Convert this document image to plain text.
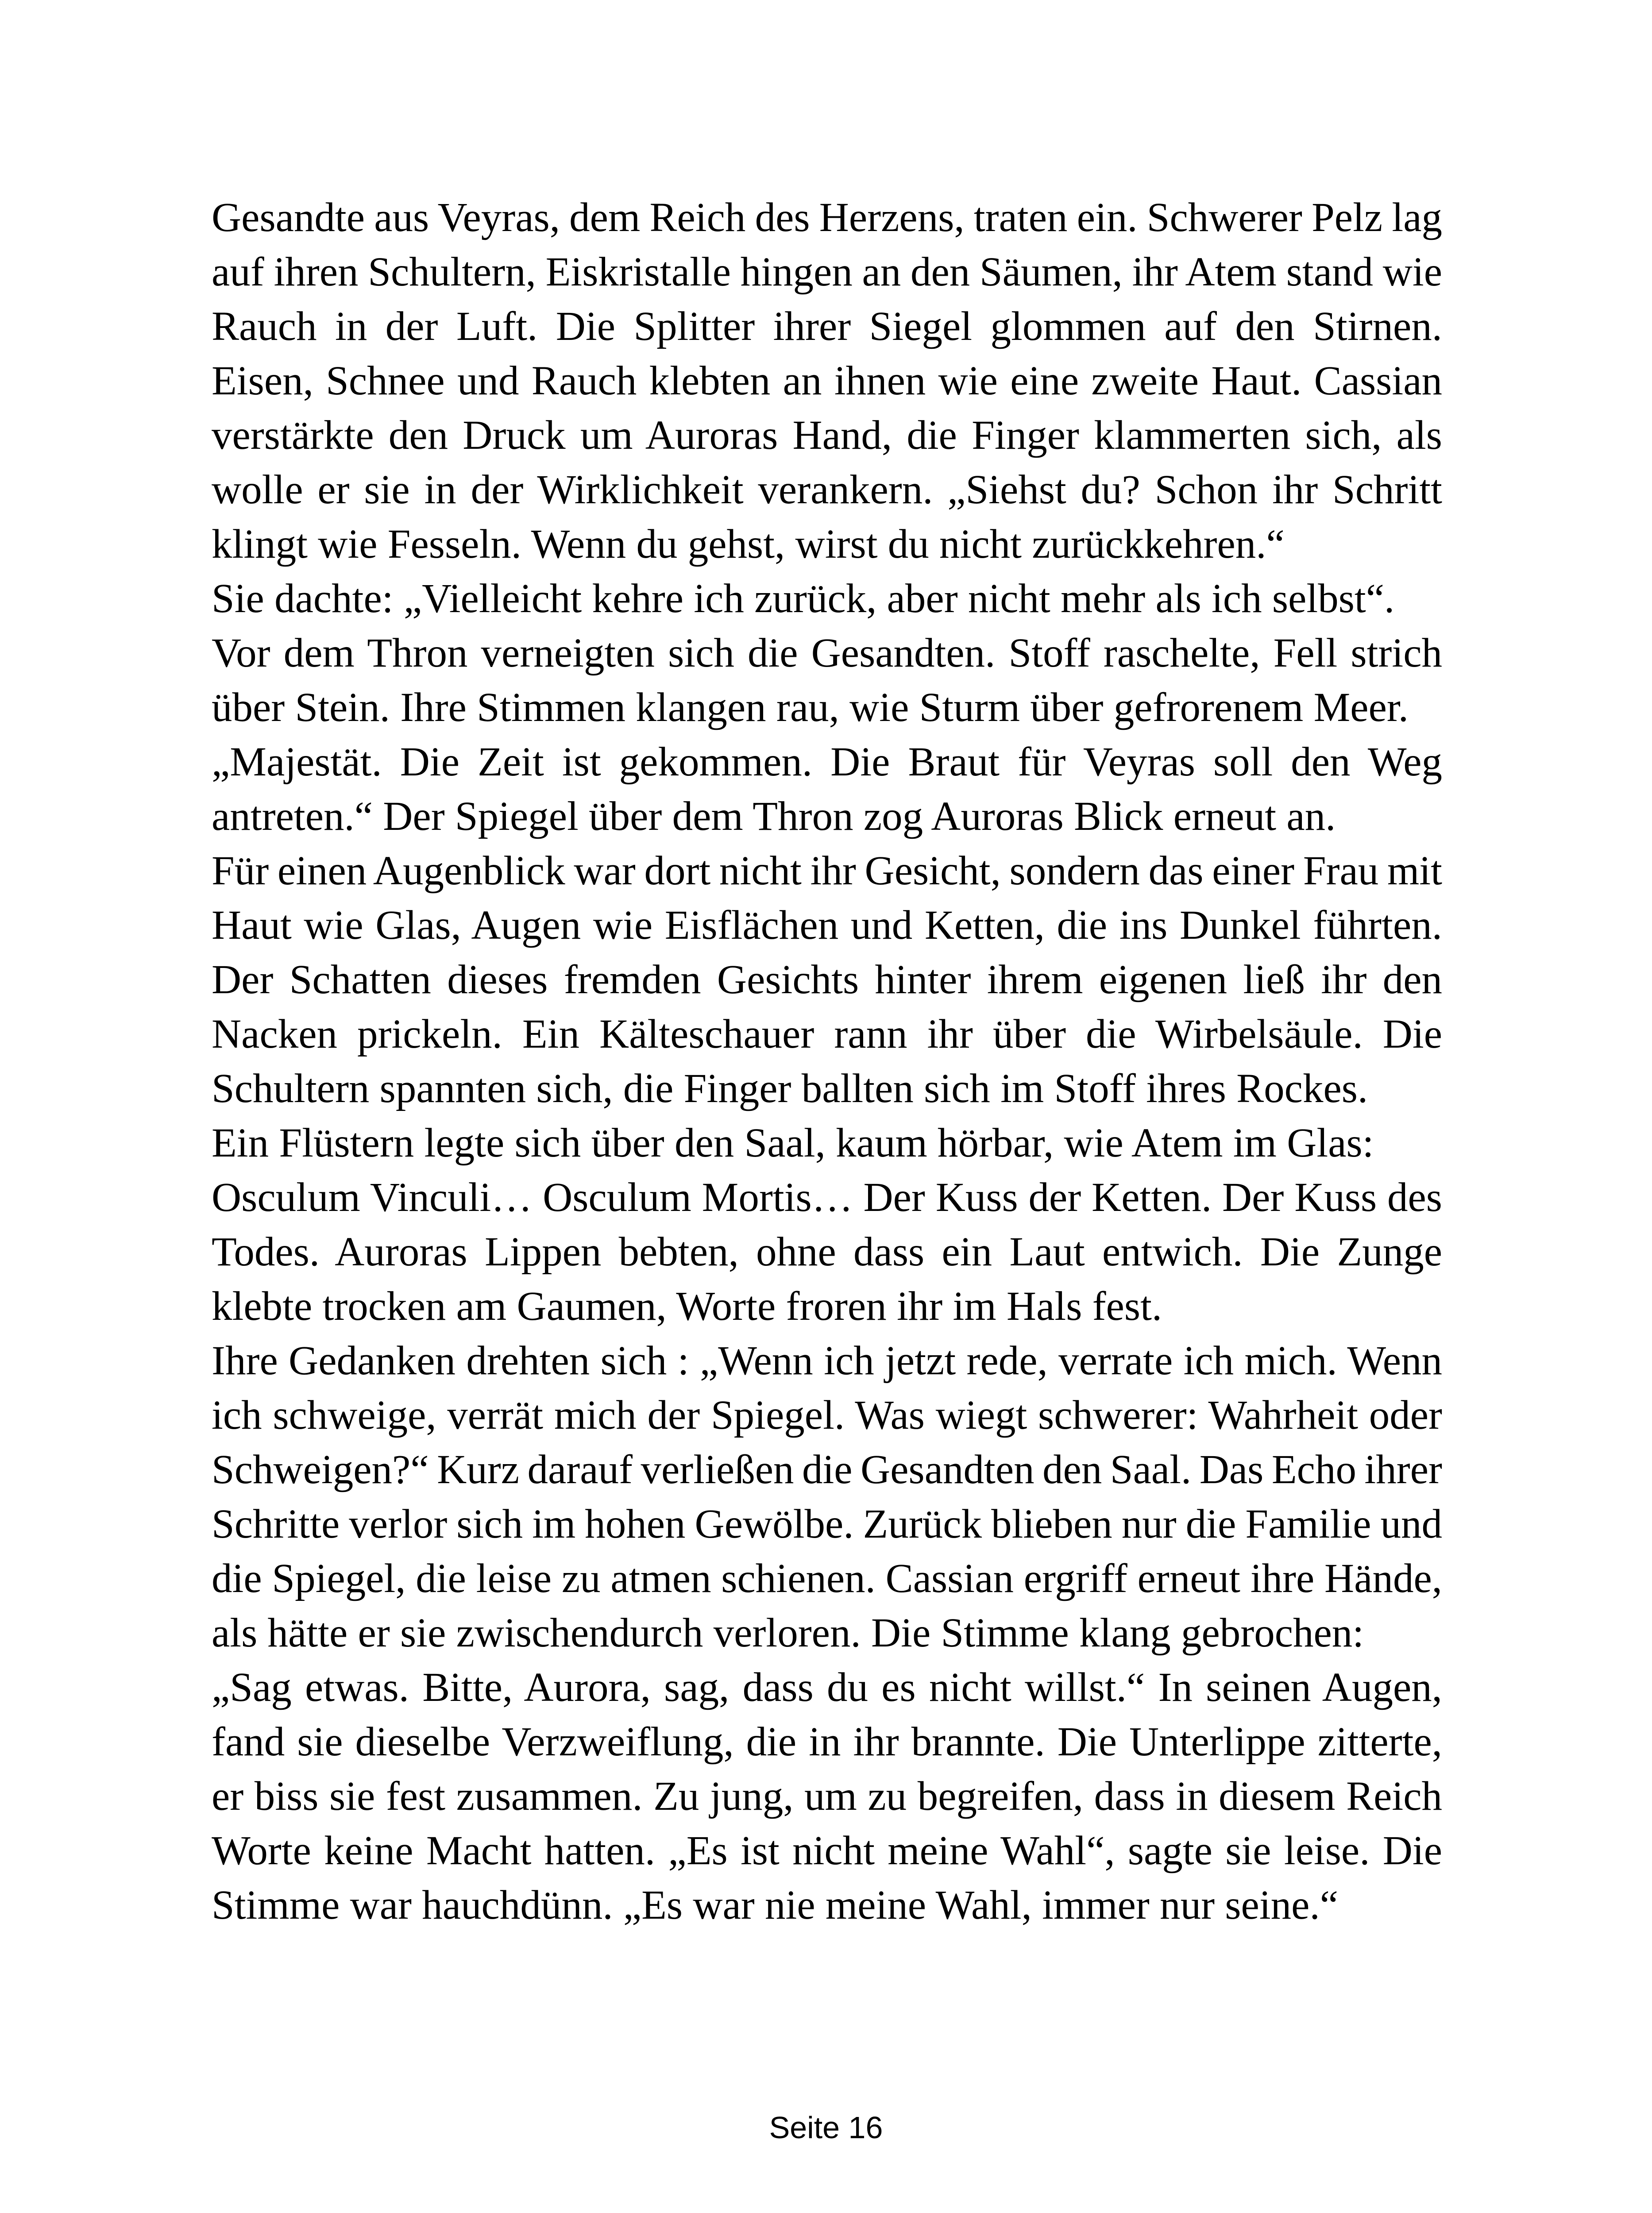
Gesandte aus Veyras, dem Reich des Herzens, traten ein. Schwerer Pelz lag
auf ihren Schultern, Eiskristalle hingen an den Säumen, ihr Atem stand wie
Rauch in der Luft. Die Splitter ihrer Siegel glommen auf den Stirnen.
Eisen, Schnee und Rauch klebten an ihnen wie eine zweite Haut. Cassian
verstärkte den Druck um Auroras Hand, die Finger klammerten sich, als
wolle er sie in der Wirklichkeit verankern. „Siehst du? Schon ihr Schritt
klingt wie Fesseln. Wenn du gehst, wirst du nicht zurückkehren.“
Sie dachte: „Vielleicht kehre ich zurück, aber nicht mehr als ich selbst“.
Vor dem Thron verneigten sich die Gesandten. Stoff raschelte, Fell strich
über Stein. Ihre Stimmen klangen rau, wie Sturm über gefrorenem Meer.
„Majestät. Die Zeit ist gekommen. Die Braut für Veyras soll den Weg
antreten.“ Der Spiegel über dem Thron zog Auroras Blick erneut an.
Für einen Augenblick war dort nicht ihr Gesicht, sondern das einer Frau mit
Haut wie Glas, Augen wie Eisflächen und Ketten, die ins Dunkel führten.
Der Schatten dieses fremden Gesichts hinter ihrem eigenen ließ ihr den
Nacken prickeln. Ein Kälteschauer rann ihr über die Wirbelsäule. Die
Schultern spannten sich, die Finger ballten sich im Stoff ihres Rockes.
Ein Flüstern legte sich über den Saal, kaum hörbar, wie Atem im Glas:
Osculum Vinculi… Osculum Mortis… Der Kuss der Ketten. Der Kuss des
Todes. Auroras Lippen bebten, ohne dass ein Laut entwich. Die Zunge
klebte trocken am Gaumen, Worte froren ihr im Hals fest.
Ihre Gedanken drehten sich : „Wenn ich jetzt rede, verrate ich mich. Wenn
ich schweige, verrät mich der Spiegel. Was wiegt schwerer: Wahrheit oder
Schweigen?“ Kurz darauf verließen die Gesandten den Saal. Das Echo ihrer
Schritte verlor sich im hohen Gewölbe. Zurück blieben nur die Familie und
die Spiegel, die leise zu atmen schienen. Cassian ergriff erneut ihre Hände,
als hätte er sie zwischendurch verloren. Die Stimme klang gebrochen:
„Sag etwas. Bitte, Aurora, sag, dass du es nicht willst.“ In seinen Augen,
fand sie dieselbe Verzweiflung, die in ihr brannte. Die Unterlippe zitterte,
er biss sie fest zusammen. Zu jung, um zu begreifen, dass in diesem Reich
Worte keine Macht hatten. „Es ist nicht meine Wahl“, sagte sie leise. Die
Stimme war hauchdünn. „Es war nie meine Wahl, immer nur seine.“
Seite 16
